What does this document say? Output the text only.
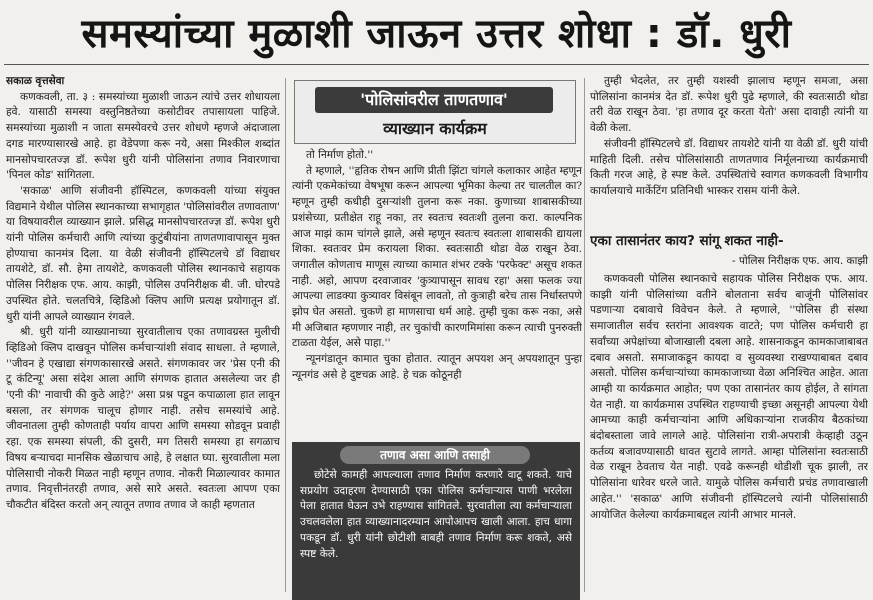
समस्यांच्या मुळाशी जाऊन उत्तर शोधा : डॉ. धुरी

सकाळ वृत्तसेवा

कणकवली, ता. ३ : समस्यांच्या मुळाशी जाऊन त्यांचे उत्तर शोधायला हवे. यासाठी समस्या वस्तुनिष्ठतेच्या कसोटीवर तपासायला पाहिजे. समस्यांच्या मुळाशी न जाता समस्येवरचे उत्तर शोधणे म्हणजे अंदाजाला दगड मारण्यासारखे आहे. हा वेडेपणा करू नये, असा मिश्कील शब्दांत मानसोपचारतज्ज्ञ डॉ. रूपेश धुरी यांनी पोलिसांना तणाव निवारणाचा 'पिनल कोड' सांगितला.

'सकाळ' आणि संजीवनी हॉस्पिटल, कणकवली यांच्या संयुक्त विद्यमाने येथील पोलिस स्थानकाच्या सभागृहात 'पोलिसांवरील तणावताण' या विषयावरील व्याख्यान झाले. प्रसिद्ध मानसोपचारतज्ज्ञ डॉ. रूपेश धुरी यांनी पोलिस कर्मचारी आणि त्यांच्या कुटुंबीयांना ताणतणावापासून मुक्त होण्याचा कानमंत्र दिला. या वेळी संजीवनी हॉस्पिटलचे डॉ विद्याधर तायशेटे, डॉ. सौ. हेमा तायशेटे, कणकवली पोलिस स्थानकाचे सहायक पोलिस निरीक्षक एफ. आय. काझी, पोलिस उपनिरीक्षक बी. जी. घोरपडे उपस्थित होते. चलतचित्रे, व्हिडिओ क्लिप आणि प्रत्यक्ष प्रयोगातून डॉ. धुरी यांनी आपले व्याख्यान रंगवले.

श्री. धुरी यांनी व्याख्यानाच्या सुरवातीलाच एका तणावग्रस्त मुलीची व्हिडिओ क्लिप दाखवून पोलिस कर्मचाऱ्यांशी संवाद साधला. ते म्हणाले, ''जीवन हे एखाद्या संगणकासारखे असते. संगणकावर जर 'प्रेस एनी की टू कंटिन्यू' असा संदेश आला आणि संगणक हातात असलेल्या जर ही 'एनी की' नावाची की कुठे आहे?' असा प्रश्न पडून कपाळाला हात लावून बसला, तर संगणक चालूच होणार नाही. तसेच समस्यांचे आहे. जीवनातला तुम्ही कोणताही पर्याय वापरा आणि समस्या सोडवून प्रवाही रहा. एक समस्या संपली, की दुसरी, मग तिसरी समस्या हा सगळाच विषय बऱ्याचदा मानसिक खेळाचाच आहे, हे लक्षात घ्या. सुरवातीला मला पोलिसाची नोकरी मिळत नाही म्हणून तणाव. नोकरी मिळाल्यावर कामात तणाव. निवृत्तीनंतरही तणाव, असे सारे असते. स्वतःला आपण एका चौकटीत बंदिस्त करतो अन् त्यातून तणाव तणाव जे काही म्हणतात

'पोलिसांवरील ताणतणाव'
व्याख्यान कार्यक्रम

तो निर्माण होतो.''

ते म्हणाले, ''हृतिक रोषन आणि प्रीती झिंटा चांगले कलाकार आहेत म्हणून त्यांनी एकमेकांच्या वेषभूषा करून आपल्या भूमिका केल्या तर चालतील का? म्हणून तुम्ही कधीही दुसऱ्यांशी तुलना करू नका. कुणाच्या शाबासकीच्या प्रशंसेच्या, प्रतीक्षेत राहू नका, तर स्वतःच स्वतःशी तुलना करा. काल्पनिक आज माझं काम चांगले झाले, असे म्हणून स्वतःच स्वतःला शाबासकी द्यायला शिका. स्वतःवर प्रेम करायला शिका. स्वतःसाठी थोडा वेळ राखून ठेवा. जगातील कोणताच माणूस त्याच्या कामात शंभर टक्के 'परफेक्ट' असूच शकत नाही. अहो, आपण दरवाजावर 'कुत्र्यापासून सावध रहा' असा फलक ज्या आपल्या लाडक्या कुत्र्यावर विसंबून लावतो, तो कुत्राही बरेच तास निर्धास्तपणे झोप घेत असतो. चुकणे हा माणसाचा धर्म आहे. तुम्ही चुका करू नका, असे मी अजिबात म्हणणार नाही, तर चुकांची कारणमिमांसा करून त्याची पुनरुक्ती टाळता येईल, असे पाहा.''

न्यूनगंडातून कामात चुका होतात. त्यातून अपयश अन् अपयशातून पुन्हा न्यूनगंड असे हे दुष्टचक्र आहे. हे चक्र कोठूनही

तणाव असा आणि तसाही

छोटेसे कामही आपल्याला तणाव निर्माण करणारे वाटू शकते. याचे सप्रयोग उदाहरण देण्यासाठी एका पोलिस कर्मचाऱ्यास पाणी भरलेला पेला हातात घेऊन उभे राहण्यास सांगितले. सुरवातीला त्या कर्मचाऱ्याला उचलवलेला हात व्याख्यानादरम्यान आपोआपच खाली आला. हाच धागा पकडून डॉ. धुरी यांनी छोटीशी बाबही तणाव निर्माण करू शकते, असे स्पष्ट केले.

तुम्ही भेदलेत, तर तुम्ही यशस्वी झालाच म्हणून समजा, असा पोलिसांना कानमंत्र देत डॉ. रूपेश धुरी पुढे म्हणाले, की स्वतःसाठी थोडा तरी वेळ राखून ठेवा. 'हा तणाव दूर करता येतो' असा दावाही त्यांनी या वेळी केला.

संजीवनी हॉस्पिटलचे डॉ. विद्याधर तायशेटे यांनी या वेळी डॉ. धुरी यांची माहिती दिली. तसेच पोलिसांसाठी ताणतणाव निर्मूलनाच्या कार्यक्रमाची किती गरज आहे, हे स्पष्ट केले. उपस्थितांचे स्वागत कणकवली विभागीय कार्यालयाचे मार्केटिंग प्रतिनिधी भास्कर रासम यांनी केले.

एका तासानंतर काय? सांगू शकत नाही-
- पोलिस निरीक्षक एफ. आय. काझी

कणकवली पोलिस स्थानकाचे सहायक पोलिस निरीक्षक एफ. आय. काझी यांनी पोलिसांच्या वतीने बोलताना सर्वच बाजूंनी पोलिसांवर पडणाऱ्या दबावाचे विवेचन केले. ते म्हणाले, ''पोलिस ही संस्था समाजातील सर्वच स्तरांना आवश्यक वाटते; पण पोलिस कर्मचारी हा सर्वांच्या अपेक्षांच्या बोजाखाली दबला आहे. शासनाकडून कामकाजाबाबत दबाव असतो. समाजाकडून कायदा व सुव्यवस्था राखण्याबाबत दबाव असतो. पोलिस कर्मचाऱ्यांच्या कामकाजाच्या वेळा अनिश्चित आहेत. आता आम्ही या कार्यक्रमात आहोत; पण एका तासानंतर काय होईल, ते सांगता येत नाही. या कार्यक्रमास उपस्थित राहण्याची इच्छा असूनही आपल्या येथी आमच्या काही कर्मचाऱ्यांना आणि अधिकाऱ्यांना राजकीय बैठकांच्या बंदोबस्ताला जावे लागले आहे. पोलिसांना रात्री-अपरात्री केव्हाही उठून कर्तव्य बजावण्यासाठी धावत सुटावे लागते. आम्हा पोलिसांना स्वतःसाठी वेळ राखून ठेवताच येत नाही. एवढे करूनही थोडीशी चूक झाली, तर पोलिसांना धारेवर धरले जाते. यामुळे पोलिस कर्मचारी प्रचंड तणावाखाली आहेत.'' 'सकाळ' आणि संजीवनी हॉस्पिटलचे त्यांनी पोलिसांसाठी आयोजित केलेल्या कार्यक्रमाबद्दल त्यांनी आभार मानले.
